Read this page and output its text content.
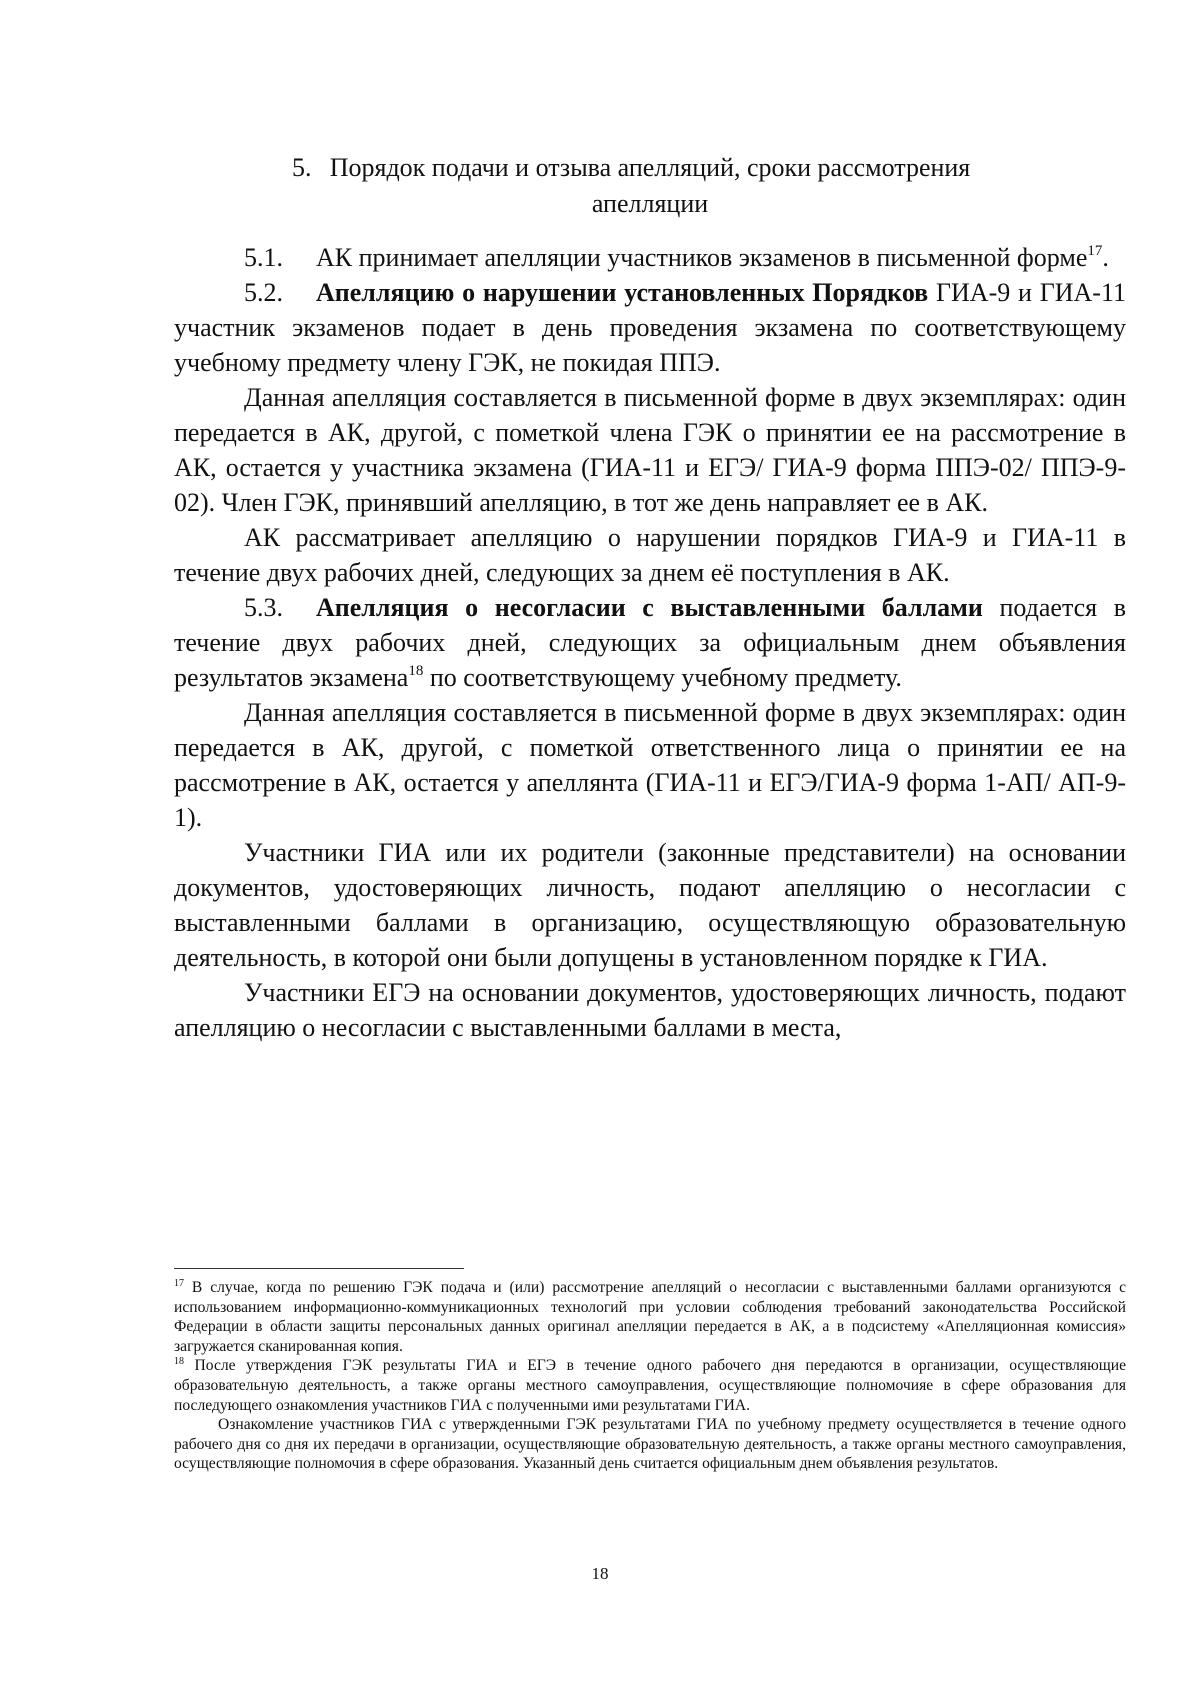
5. Порядок подачи и отзыва апелляций, сроки рассмотрения
апелляции

5.1. АК принимает апелляции участников экзаменов в письменной форме$^{17}$.

5.2. Апелляцию о нарушении установленных Порядков ГИА-9 и ГИА-11 участник экзаменов подает в день проведения экзамена по соответствующему учебному предмету члену ГЭК, не покидая ППЭ.

Данная апелляция составляется в письменной форме в двух экземплярах: один передается в АК, другой, с пометкой члена ГЭК о принятии ее на рассмотрение в АК, остается у участника экзамена (ГИА-11 и ЕГЭ/ ГИА-9 форма ППЭ-02/ ППЭ-9-02). Член ГЭК, принявший апелляцию, в тот же день направляет ее в АК.

АК рассматривает апелляцию о нарушении порядков ГИА-9 и ГИА-11 в течение двух рабочих дней, следующих за днем её поступления в АК.

5.3. Апелляция о несогласии с выставленными баллами подается в течение двух рабочих дней, следующих за официальным днем объявления результатов экзамена$^{18}$ по соответствующему учебному предмету.

Данная апелляция составляется в письменной форме в двух экземплярах: один передается в АК, другой, с пометкой ответственного лица о принятии ее на рассмотрение в АК, остается у апеллянта (ГИА-11 и ЕГЭ/ГИА-9 форма 1-АП/ АП-9-1).

Участники ГИА или их родители (законные представители) на основании документов, удостоверяющих личность, подают апелляцию о несогласии с выставленными баллами в организацию, осуществляющую образовательную деятельность, в которой они были допущены в установленном порядке к ГИА.

Участники ЕГЭ на основании документов, удостоверяющих личность, подают апелляцию о несогласии с выставленными баллами в места,

$^{17}$ В случае, когда по решению ГЭК подача и (или) рассмотрение апелляций о несогласии с выставленными баллами организуются с использованием информационно-коммуникационных технологий при условии соблюдения требований законодательства Российской Федерации в области защиты персональных данных оригинал апелляции передается в АК, а в подсистему «Апелляционная комиссия» загружается сканированная копия.

$^{18}$ После утверждения ГЭК результаты ГИА и ЕГЭ в течение одного рабочего дня передаются в организации, осуществляющие образовательную деятельность, а также органы местного самоуправления, осуществляющие полномочияе в сфере образования для последующего ознакомления участников ГИА с полученными ими результатами ГИА.

Ознакомление участников ГИА с утвержденными ГЭК результатами ГИА по учебному предмету осуществляется в течение одного рабочего дня со дня их передачи в организации, осуществляющие образовательную деятельность, а также органы местного самоуправления, осуществляющие полномочия в сфере образования. Указанный день считается официальным днем объявления результатов.

18
